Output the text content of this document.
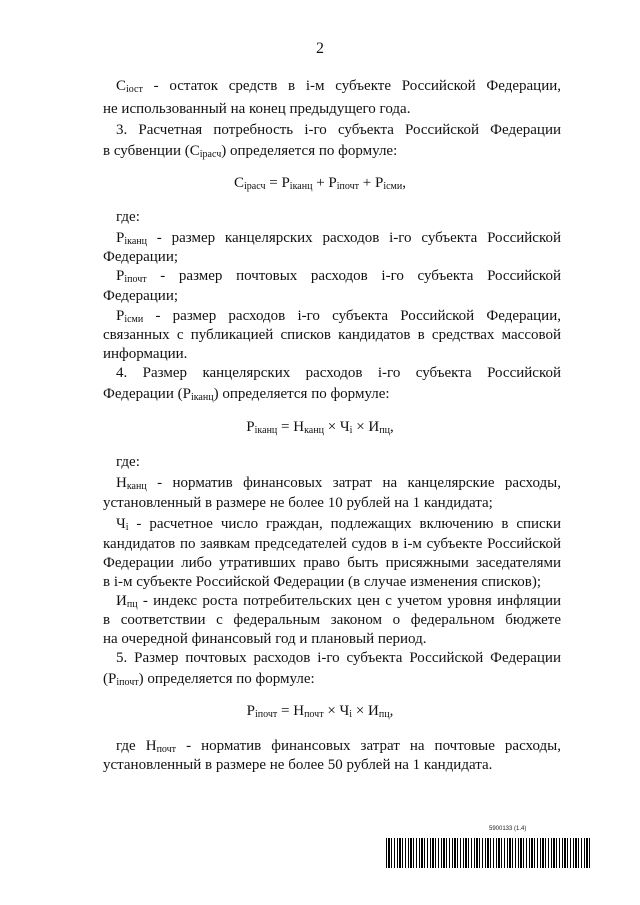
2
$C_{iост}$ - остаток средств в i-м субъекте Российской Федерации,
не использованный на конец предыдущего года.
3. Расчетная потребность i-го субъекта Российской Федерации
в субвенции $(C_{iрасч})$ определяется по формуле:
$C_{iрасч} = P_{iканц} + P_{iпочт} + P_{iсми}$,
где:
$P_{iканц}$ - размер канцелярских расходов i-го субъекта Российской
Федерации;
$P_{iпочт}$ - размер почтовых расходов i-го субъекта Российской
Федерации;
$P_{iсми}$ - размер расходов i-го субъекта Российской Федерации,
связанных с публикацией списков кандидатов в средствах массовой
информации.
4. Размер канцелярских расходов i-го субъекта Российской
Федерации $(P_{iканц})$ определяется по формуле:
$P_{iканц} = H_{канц} \times Ч_i \times И_{пц}$,
где:
$H_{канц}$ - норматив финансовых затрат на канцелярские расходы,
установленный в размере не более 10 рублей на 1 кандидата;
$Ч_i$ - расчетное число граждан, подлежащих включению в списки
кандидатов по заявкам председателей судов в i-м субъекте Российской
Федерации либо утративших право быть присяжными заседателями
в i-м субъекте Российской Федерации (в случае изменения списков);
$И_{пц}$ - индекс роста потребительских цен с учетом уровня инфляции
в соответствии с федеральным законом о федеральном бюджете
на очередной финансовый год и плановый период.
5. Размер почтовых расходов i-го субъекта Российской Федерации
$(P_{iпочт})$ определяется по формуле:
$P_{iпочт} = H_{почт} \times Ч_i \times И_{пц}$,
где $H_{почт}$ - норматив финансовых затрат на почтовые расходы,
установленный в размере не более 50 рублей на 1 кандидата.
5900133 (1.4)
